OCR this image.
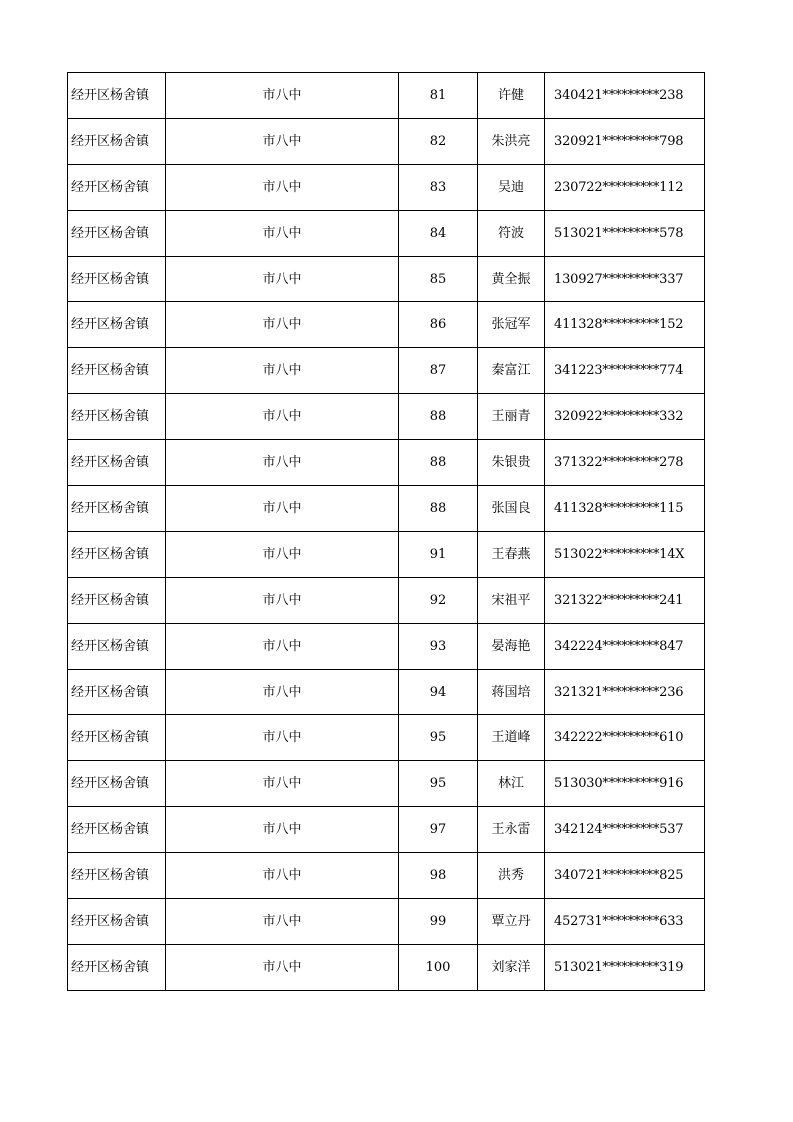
经开区杨舍镇	市八中	81	许健	340421*********238
经开区杨舍镇	市八中	82	朱洪亮	320921*********798
经开区杨舍镇	市八中	83	吴迪	230722*********112
经开区杨舍镇	市八中	84	符波	513021*********578
经开区杨舍镇	市八中	85	黄全振	130927*********337
经开区杨舍镇	市八中	86	张冠军	411328*********152
经开区杨舍镇	市八中	87	秦富江	341223*********774
经开区杨舍镇	市八中	88	王丽青	320922*********332
经开区杨舍镇	市八中	88	朱银贵	371322*********278
经开区杨舍镇	市八中	88	张国良	411328*********115
经开区杨舍镇	市八中	91	王春燕	513022*********14X
经开区杨舍镇	市八中	92	宋祖平	321322*********241
经开区杨舍镇	市八中	93	晏海艳	342224*********847
经开区杨舍镇	市八中	94	蒋国培	321321*********236
经开区杨舍镇	市八中	95	王道峰	342222*********610
经开区杨舍镇	市八中	95	林江	513030*********916
经开区杨舍镇	市八中	97	王永雷	342124*********537
经开区杨舍镇	市八中	98	洪秀	340721*********825
经开区杨舍镇	市八中	99	覃立丹	452731*********633
经开区杨舍镇	市八中	100	刘家洋	513021*********319
